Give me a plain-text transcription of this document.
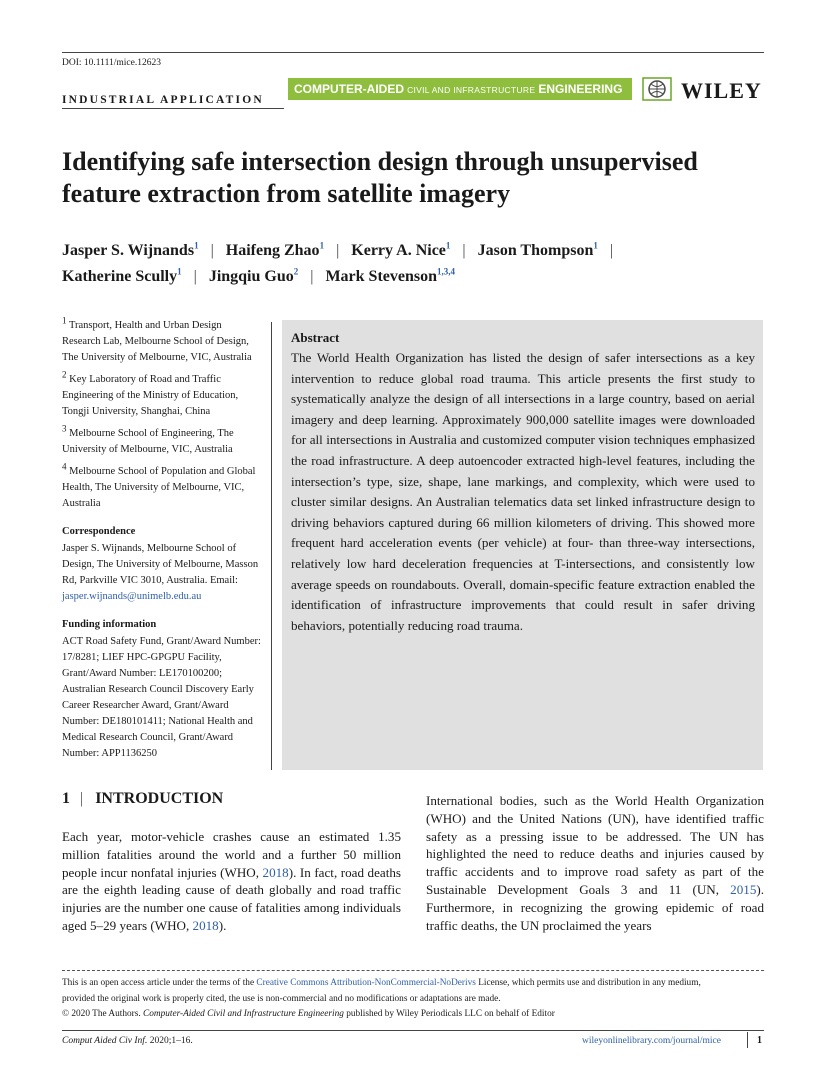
DOI: 10.1111/mice.12623
INDUSTRIAL APPLICATION
COMPUTER-AIDED CIVIL AND INFRASTRUCTURE ENGINEERING	WILEY
Identifying safe intersection design through unsupervised feature extraction from satellite imagery
Jasper S. Wijnands$^1$ | Haifeng Zhao$^1$ | Kerry A. Nice$^1$ | Jason Thompson$^1$ |
Katherine Scully$^1$ | Jingqiu Guo$^2$ | Mark Stevenson$^{1,3,4}$

$^1$ Transport, Health and Urban Design Research Lab, Melbourne School of Design, The University of Melbourne, VIC, Australia

$^2$ Key Laboratory of Road and Traffic Engineering of the Ministry of Education, Tongji University, Shanghai, China

$^3$ Melbourne School of Engineering, The University of Melbourne, VIC, Australia

$^4$ Melbourne School of Population and Global Health, The University of Melbourne, VIC, Australia

Correspondence

Jasper S. Wijnands, Melbourne School of Design, The University of Melbourne, Masson Rd, Parkville VIC 3010, Australia. Email: jasper.wijnands@unimelb.edu.au

Funding information

ACT Road Safety Fund, Grant/Award Number: 17/8281; LIEF HPC-GPGPU Facility, Grant/Award Number: LE170100200; Australian Research Council Discovery Early Career Researcher Award, Grant/Award Number: DE180101411; National Health and Medical Research Council, Grant/Award Number: APP1136250

Abstract
The World Health Organization has listed the design of safer intersections as a key intervention to reduce global road trauma. This article presents the first study to systematically analyze the design of all intersections in a large country, based on aerial imagery and deep learning. Approximately 900,000 satellite images were downloaded for all intersections in Australia and customized computer vision techniques emphasized the road infrastructure. A deep autoencoder extracted high-level features, including the intersection’s type, size, shape, lane markings, and complexity, which were used to cluster similar designs. An Australian telematics data set linked infrastructure design to driving behaviors captured during 66 million kilometers of driving. This showed more frequent hard acceleration events (per vehicle) at four- than three-way intersections, relatively low hard deceleration frequencies at T-intersections, and consistently low average speeds on roundabouts. Overall, domain-specific feature extraction enabled the identification of infrastructure improvements that could result in safer driving behaviors, potentially reducing road trauma.
1 | INTRODUCTION
Each year, motor-vehicle crashes cause an estimated 1.35 million fatalities around the world and a further 50 million people incur nonfatal injuries (WHO, 2018). In fact, road deaths are the eighth leading cause of death globally and road traffic injuries are the number one cause of fatalities among individuals aged 5–29 years (WHO, 2018).
International bodies, such as the World Health Organization (WHO) and the United Nations (UN), have identified traffic safety as a pressing issue to be addressed. The UN has highlighted the need to reduce deaths and injuries caused by traffic accidents and to improve road safety as part of the Sustainable Development Goals 3 and 11 (UN, 2015). Furthermore, in recognizing the growing epidemic of road traffic deaths, the UN proclaimed the years
This is an open access article under the terms of the Creative Commons Attribution-NonCommercial-NoDerivs License, which permits use and distribution in any medium,
provided the original work is properly cited, the use is non-commercial and no modifications or adaptations are made.
© 2020 The Authors. Computer-Aided Civil and Infrastructure Engineering published by Wiley Periodicals LLC on behalf of Editor
Comput Aided Civ Inf. 2020;1–16.	wileyonlinelibrary.com/journal/mice	1
